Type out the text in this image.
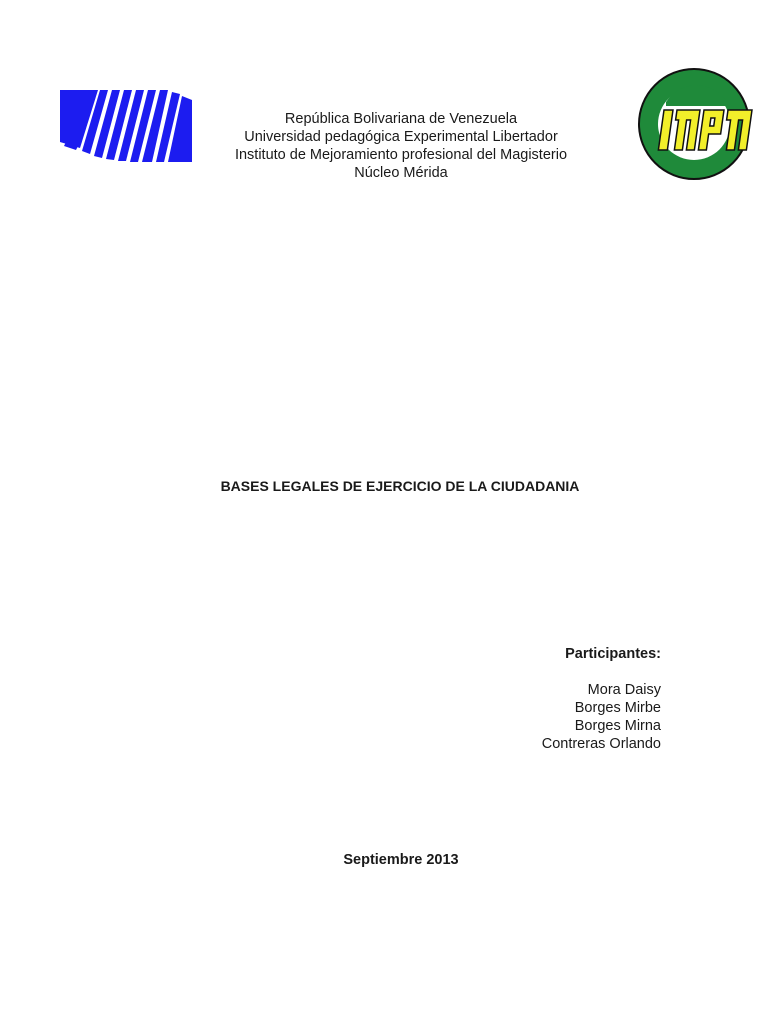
República Bolivariana de Venezuela
Universidad pedagógica Experimental Libertador
Instituto de Mejoramiento profesional del Magisterio
Núcleo Mérida
BASES LEGALES DE EJERCICIO DE LA CIUDADANIA
Participantes:
Mora Daisy
Borges Mirbe
Borges Mirna
Contreras Orlando
Septiembre 2013
